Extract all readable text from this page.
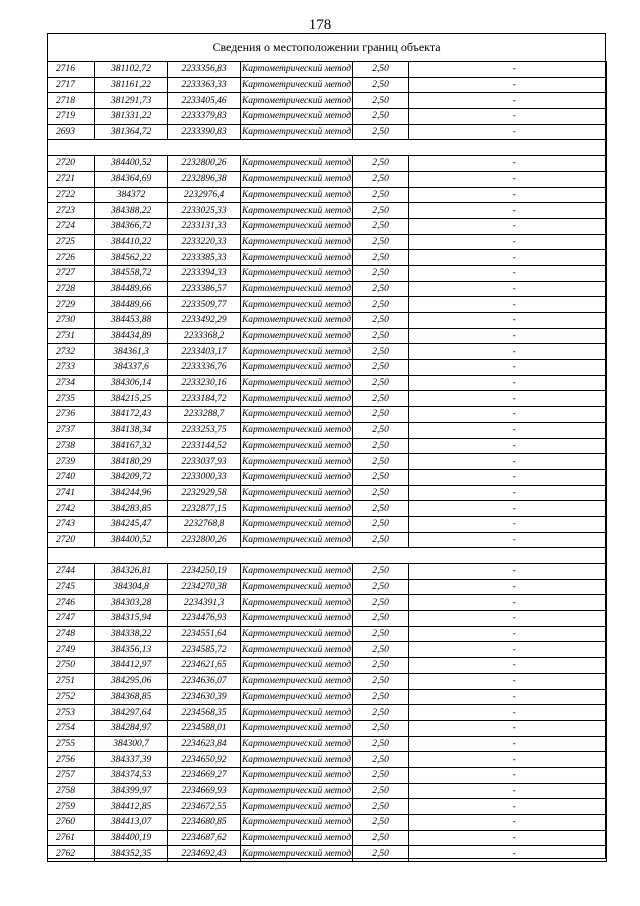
178
Сведения о местоположении границ объекта
2716	381102,72	2233356,83	Картометрический метод	2,50		-
2717	381161,22	2233363,33	Картометрический метод	2,50		-
2718	381291,73	2233405,46	Картометрический метод	2,50		-
2719	381331,22	2233379,83	Картометрический метод	2,50		-
2693	381364,72	2233390,83	Картометрический метод	2,50		-

2720	384400,52	2232800,26	Картометрический метод	2,50		-
2721	384364,69	2232896,38	Картометрический метод	2,50		-
2722	384372	2232976,4	Картометрический метод	2,50		-
2723	384388,22	2233025,33	Картометрический метод	2,50		-
2724	384366,72	2233131,33	Картометрический метод	2,50		-
2725	384410,22	2233220,33	Картометрический метод	2,50		-
2726	384562,22	2233385,33	Картометрический метод	2,50		-
2727	384558,72	2233394,33	Картометрический метод	2,50		-
2728	384489,66	2233386,57	Картометрический метод	2,50		-
2729	384489,66	2233509,77	Картометрический метод	2,50		-
2730	384453,88	2233492,29	Картометрический метод	2,50		-
2731	384434,89	2233368,2	Картометрический метод	2,50		-
2732	384361,3	2233403,17	Картометрический метод	2,50		-
2733	384337,6	2233336,76	Картометрический метод	2,50		-
2734	384306,14	2233230,16	Картометрический метод	2,50		-
2735	384215,25	2233184,72	Картометрический метод	2,50		-
2736	384172,43	2233288,7	Картометрический метод	2,50		-
2737	384138,34	2233253,75	Картометрический метод	2,50		-
2738	384167,32	2233144,52	Картометрический метод	2,50		-
2739	384180,29	2233037,93	Картометрический метод	2,50		-
2740	384209,72	2233000,33	Картометрический метод	2,50		-
2741	384244,96	2232929,58	Картометрический метод	2,50		-
2742	384283,85	2232877,15	Картометрический метод	2,50		-
2743	384245,47	2232768,8	Картометрический метод	2,50		-
2720	384400,52	2232800,26	Картометрический метод	2,50		-

2744	384326,81	2234250,19	Картометрический метод	2,50		-
2745	384304,8	2234270,38	Картометрический метод	2,50		-
2746	384303,28	2234391,3	Картометрический метод	2,50		-
2747	384315,94	2234476,93	Картометрический метод	2,50		-
2748	384338,22	2234551,64	Картометрический метод	2,50		-
2749	384356,13	2234585,72	Картометрический метод	2,50		-
2750	384412,97	2234621,65	Картометрический метод	2,50		-
2751	384295,06	2234636,07	Картометрический метод	2,50		-
2752	384368,85	2234630,39	Картометрический метод	2,50		-
2753	384297,64	2234568,35	Картометрический метод	2,50		-
2754	384284,97	2234588,01	Картометрический метод	2,50		-
2755	384300,7	2234623,84	Картометрический метод	2,50		-
2756	384337,39	2234650,92	Картометрический метод	2,50		-
2757	384374,53	2234669,27	Картометрический метод	2,50		-
2758	384399,97	2234669,93	Картометрический метод	2,50		-
2759	384412,85	2234672,55	Картометрический метод	2,50		-
2760	384413,07	2234680,85	Картометрический метод	2,50		-
2761	384400,19	2234687,62	Картометрический метод	2,50		-
2762	384352,35	2234692,43	Картометрический метод	2,50		-
